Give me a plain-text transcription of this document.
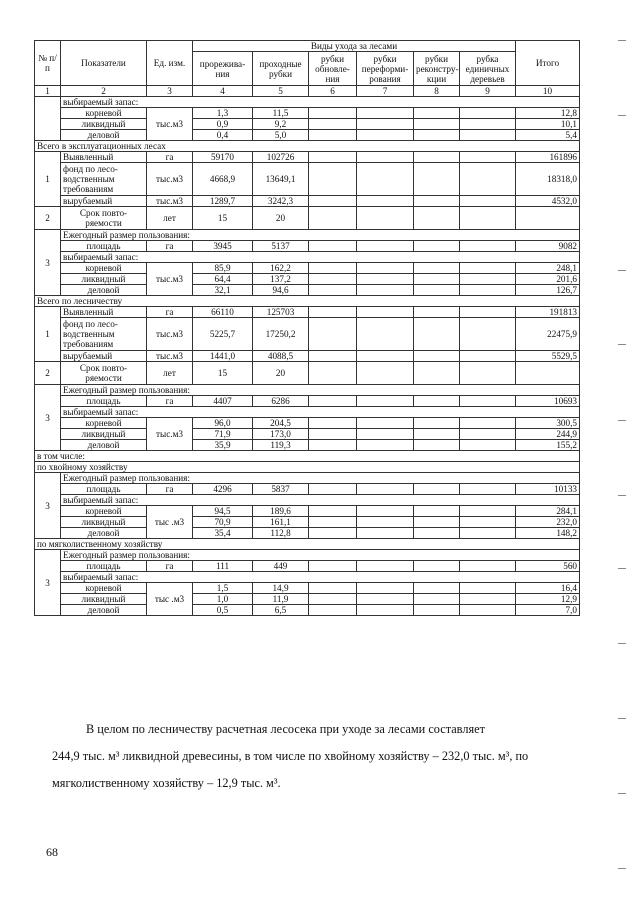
№ п/ п	Показатели	Ед. изм.	Виды ухода за лесами						Итого
			прорежива- ния	проходные рубки	рубки обновле- ния	рубки переформи- рования	рубки реконстру- кции	рубка единичных деревьев	
1	2	3	4	5	6	7	8	9	10
	выбираемый запас:								
	корневой	тыс.м3	1,3	11,5					12,8
	ликвидный		0,9	9,2					10,1
	деловой		0,4	5,0					5,4
Всего в эксплуатационных лесах									
1	Выявленный	га	59170	102726					161896
	фонд по лесо- водственным требованиям	тыс.м3	4668,9	13649,1					18318,0
	вырубаемый	тыс.м3	1289,7	3242,3					4532,0
2	Срок повто- ряемости	лет	15	20					
3	Ежегодный размер пользования:								
	площадь	га	3945	5137					9082
	выбираемый запас:								
	корневой	тыс.м3	85,9	162,2					248,1
	ликвидный		64,4	137,2					201,6
	деловой		32,1	94,6					126,7
Всего по лесничеству									
1	Выявленный	га	66110	125703					191813
	фонд по лесо- водственным требованиям	тыс.м3	5225,7	17250,2					22475,9
	вырубаемый	тыс.м3	1441,0	4088,5					5529,5
2	Срок повто- ряемости	лет	15	20					
3	Ежегодный размер пользования:								
	площадь	га	4407	6286					10693
	выбираемый запас:								
	корневой	тыс.м3	96,0	204,5					300,5
	ликвидный		71,9	173,0					244,9
	деловой		35,9	119,3					155,2
в том числе:									
по хвойному хозяйству									
3	Ежегодный размер пользования:								
	площадь	га	4296	5837					10133
	выбираемый запас:								
	корневой	тыс .м3	94,5	189,6					284,1
	ликвидный		70,9	161,1					232,0
	деловой		35,4	112,8					148,2
по мягколиственному хозяйству									
3	Ежегодный размер пользования:								
	площадь	га	111	449					560
	выбираемый запас:								
	корневой	тыс .м3	1,5	14,9					16,4
	ликвидный		1,0	11,9					12,9
	деловой		0,5	6,5					7,0
В целом по лесничеству расчетная лесосека при уходе за лесами составляет
244,9 тыс. м³ ликвидной древесины, в том числе по хвойному хозяйству – 232,0 тыс. м³, по
мягколиственному хозяйству – 12,9 тыс. м³.
68
